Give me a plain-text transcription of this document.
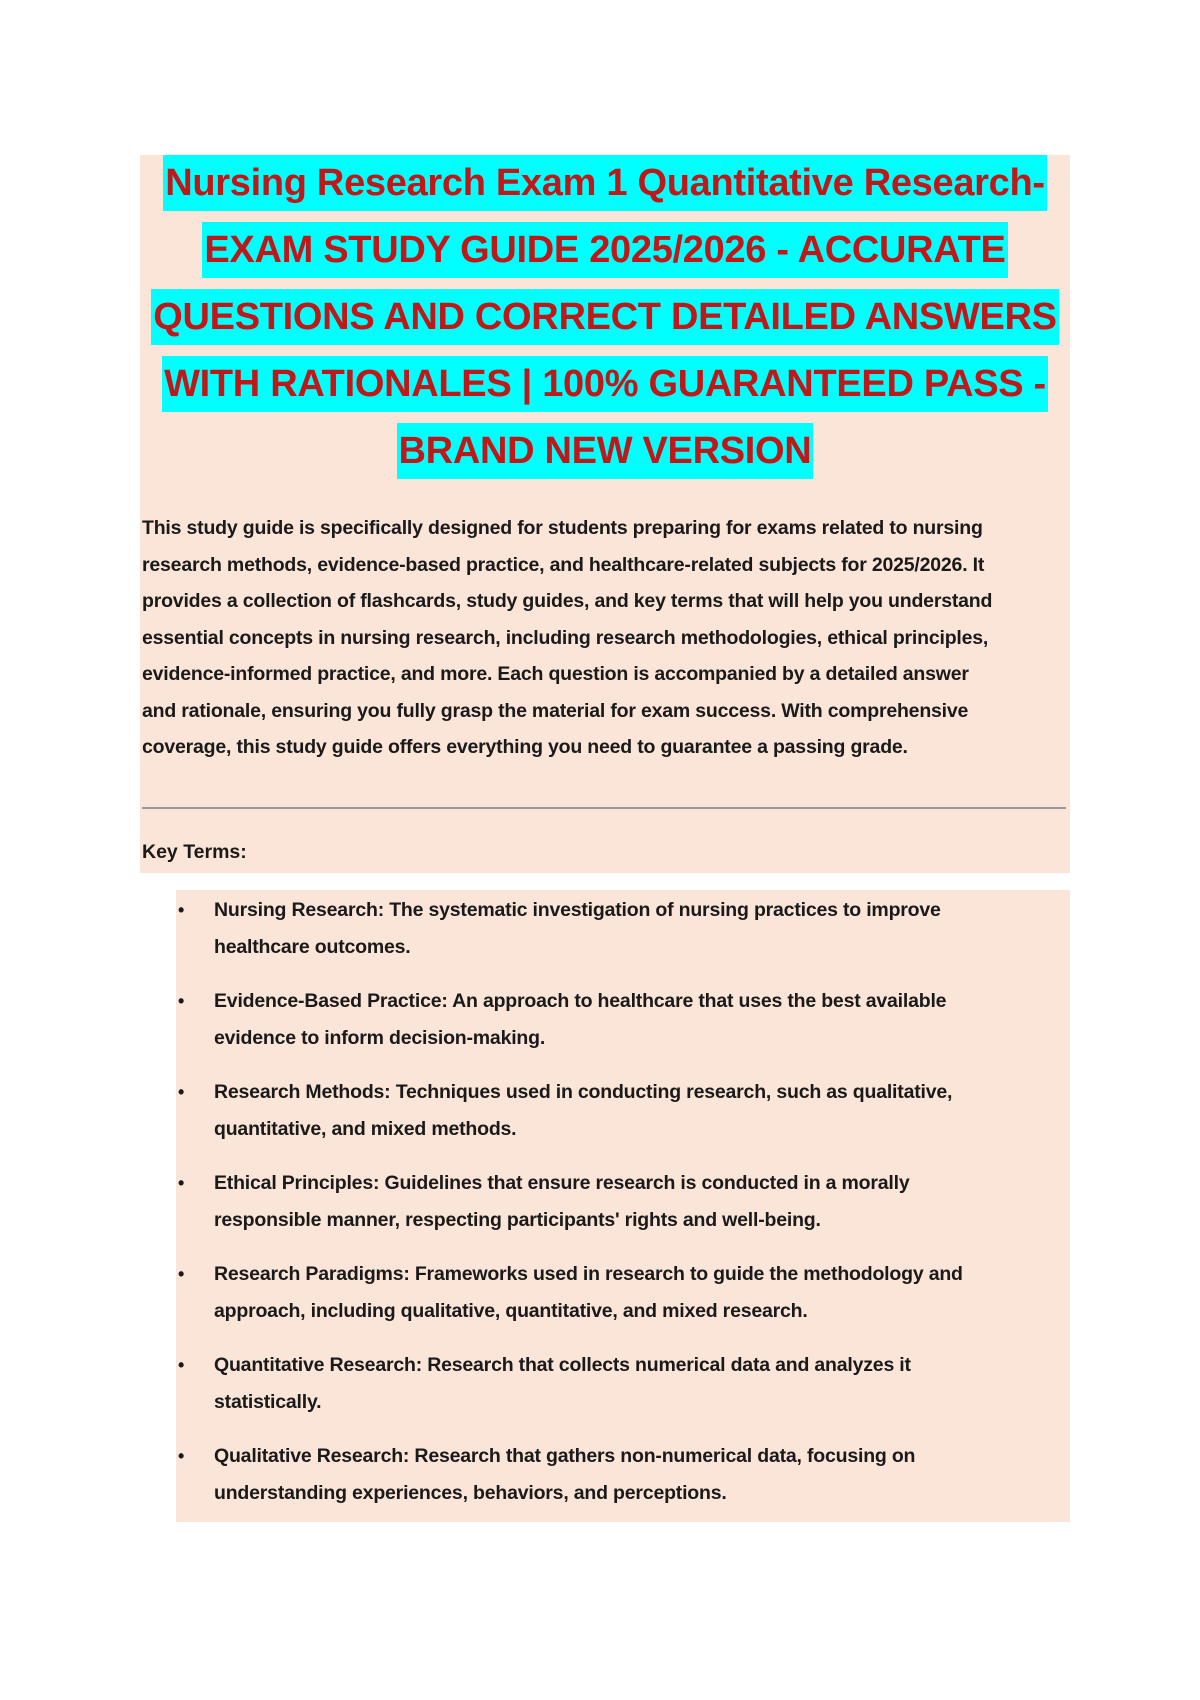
Nursing Research Exam 1 Quantitative Research-
EXAM STUDY GUIDE 2025/2026 - ACCURATE
QUESTIONS AND CORRECT DETAILED ANSWERS
WITH RATIONALES | 100% GUARANTEED PASS -
BRAND NEW VERSION

This study guide is specifically designed for students preparing for exams related to nursing
research methods, evidence-based practice, and healthcare-related subjects for 2025/2026. It
provides a collection of flashcards, study guides, and key terms that will help you understand
essential concepts in nursing research, including research methodologies, ethical principles,
evidence-informed practice, and more. Each question is accompanied by a detailed answer
and rationale, ensuring you fully grasp the material for exam success. With comprehensive
coverage, this study guide offers everything you need to guarantee a passing grade.

Key Terms:
• Nursing Research: The systematic investigation of nursing practices to improve
healthcare outcomes.
• Evidence-Based Practice: An approach to healthcare that uses the best available
evidence to inform decision-making.
• Research Methods: Techniques used in conducting research, such as qualitative,
quantitative, and mixed methods.
• Ethical Principles: Guidelines that ensure research is conducted in a morally
responsible manner, respecting participants' rights and well-being.
• Research Paradigms: Frameworks used in research to guide the methodology and
approach, including qualitative, quantitative, and mixed research.
• Quantitative Research: Research that collects numerical data and analyzes it
statistically.
• Qualitative Research: Research that gathers non-numerical data, focusing on
understanding experiences, behaviors, and perceptions.
